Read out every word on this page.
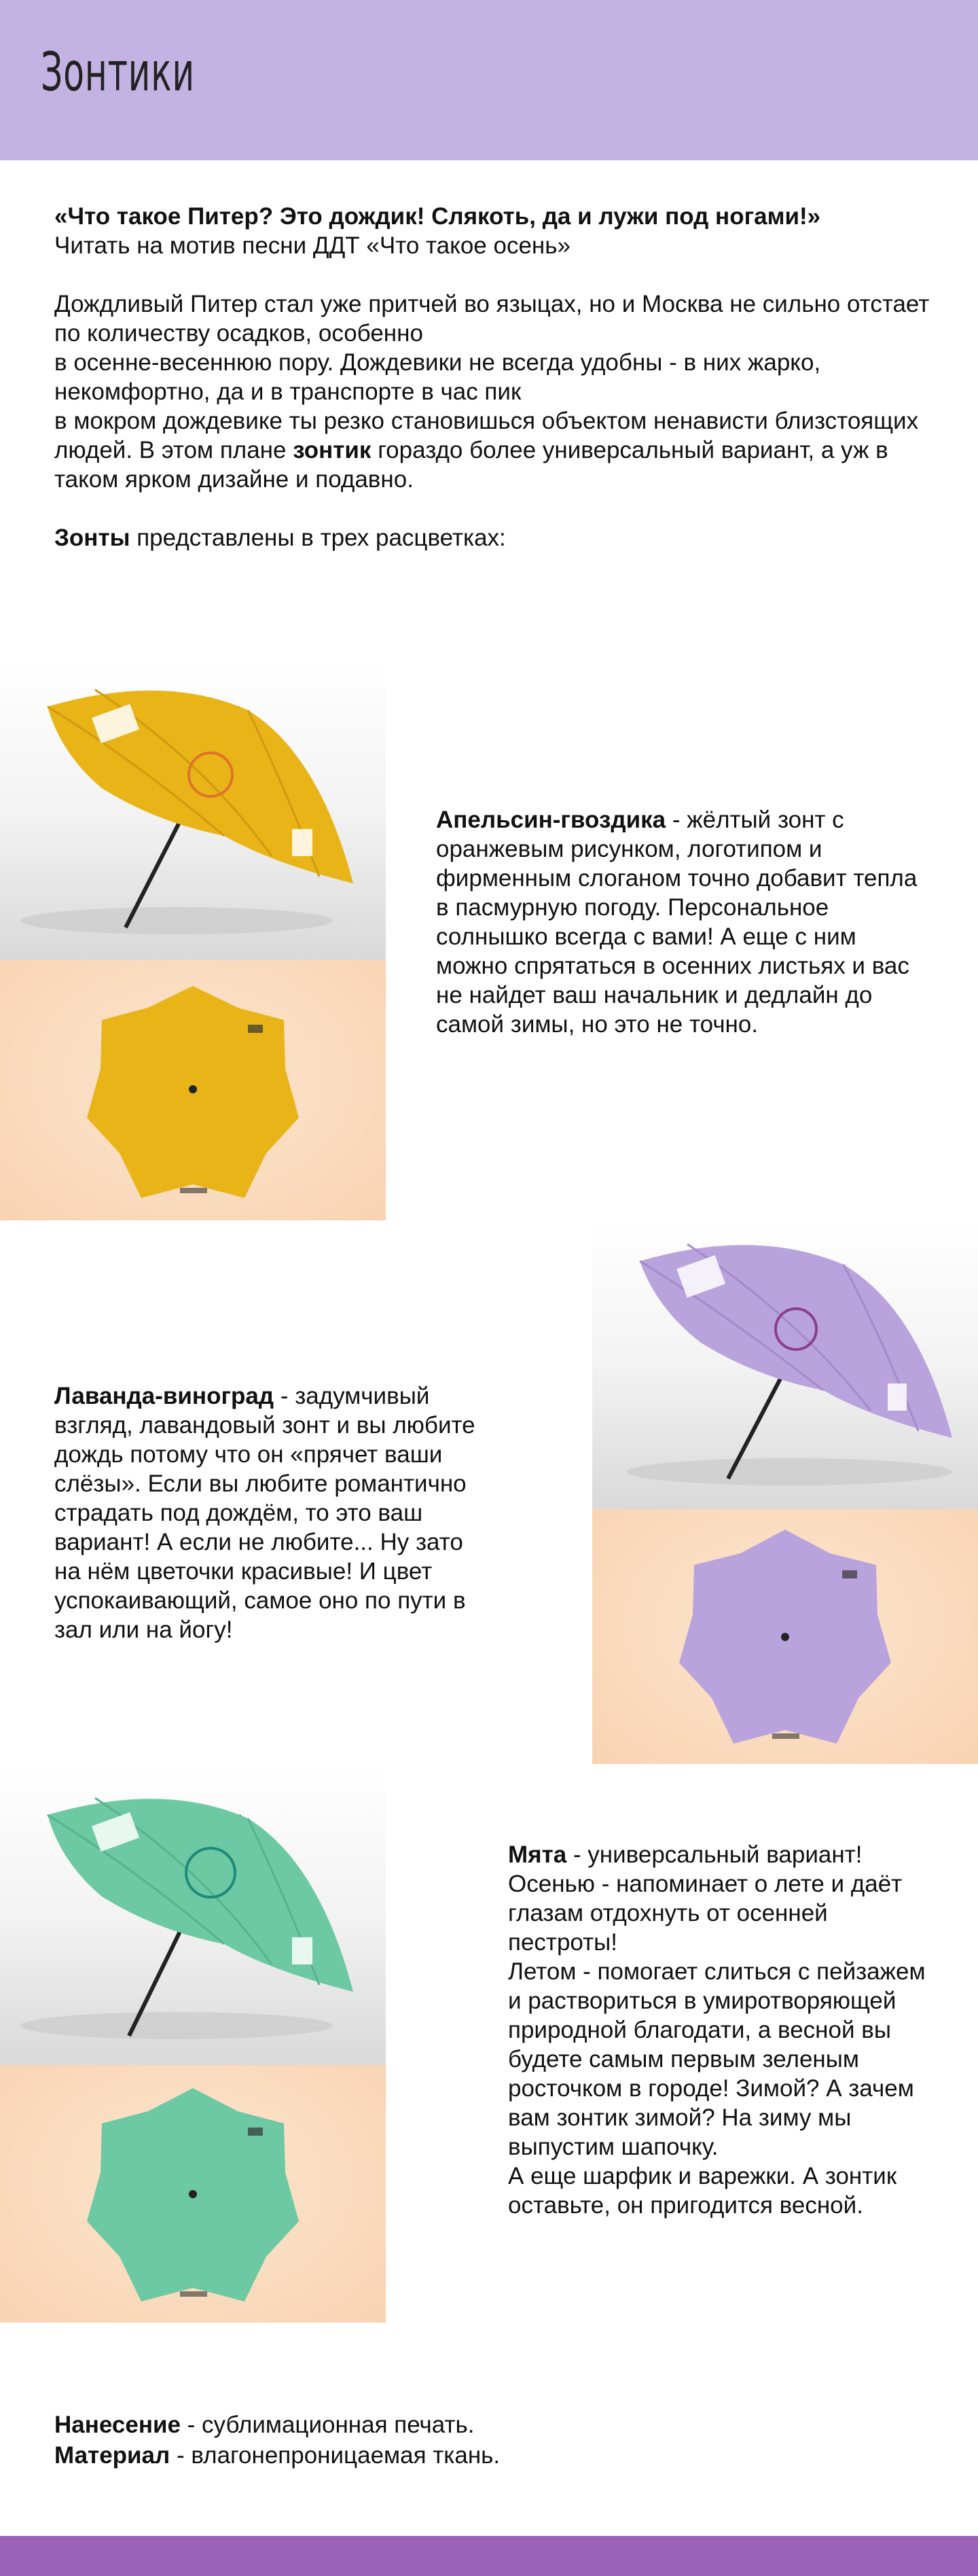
Зонтики

«Что такое Питер? Это дождик! Слякоть, да и лужи под ногами!»

Читать на мотив песни ДДТ «Что такое осень»

Дождливый Питер стал уже притчей во языцах, но и Москва не сильно отстает по количеству осадков, особенно

в осенне-весеннюю пору. Дождевики не всегда удобны - в них жарко, некомфортно, да и в транспорте в час пик

в мокром дождевике ты резко становишься объектом ненависти близстоящих людей. В этом плане зонтик гораздо более универсальный вариант, а уж в таком ярком дизайне и подавно.

Зонты представлены в трех расцветках:

Апельсин-гвоздика - жёлтый зонт с оранжевым рисунком, логотипом и фирменным слоганом точно добавит тепла

в пасмурную погоду. Персональное солнышко всегда с вами! А еще с ним можно спрятаться в осенних листьях и вас не найдет ваш начальник и дедлайн до самой зимы, но это не точно.

Лаванда-виноград - задумчивый взгляд, лавандовый зонт и вы любите дождь потому что он «прячет ваши слёзы». Если вы любите романтично страдать под дождём, то это ваш вариант! А если не любите... Ну зато на нём цветочки красивые! И цвет успокаивающий, самое оно по пути в зал или на йогу!

Мята - универсальный вариант!

Осенью - напоминает о лете и даёт глазам отдохнуть от осенней пестроты!

Летом - помогает слиться с пейзажем и раствориться в умиротворяющей природной благодати, а весной вы будете самым первым зеленым росточком в городе! Зимой? А зачем вам зонтик зимой? На зиму мы выпустим шапочку.

А еще шарфик и варежки. А зонтик оставьте, он пригодится весной.

Нанесение - сублимационная печать.

Материал - влагонепроницаемая ткань.
